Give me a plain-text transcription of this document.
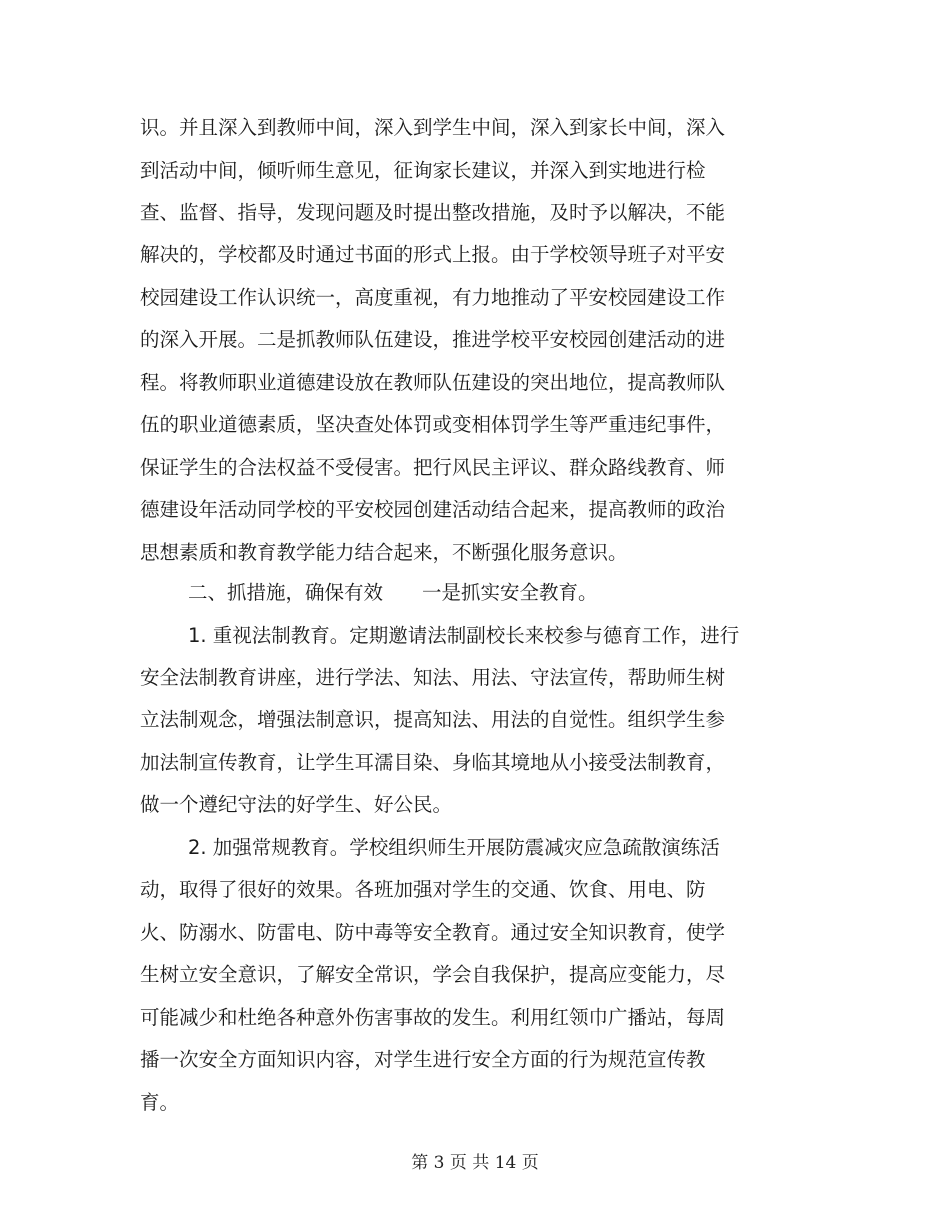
识。并且深入到教师中间，深入到学生中间，深入到家长中间，深入
到活动中间，倾听师生意见，征询家长建议，并深入到实地进行检
查、监督、指导，发现问题及时提出整改措施，及时予以解决，不能
解决的，学校都及时通过书面的形式上报。由于学校领导班子对平安
校园建设工作认识统一，高度重视，有力地推动了平安校园建设工作
的深入开展。二是抓教师队伍建设，推进学校平安校园创建活动的进
程。将教师职业道德建设放在教师队伍建设的突出地位，提高教师队
伍的职业道德素质，坚决查处体罚或变相体罚学生等严重违纪事件，
保证学生的合法权益不受侵害。把行风民主评议、群众路线教育、师
德建设年活动同学校的平安校园创建活动结合起来，提高教师的政治
思想素质和教育教学能力结合起来，不断强化服务意识。
二、抓措施，确保有效　　一是抓实安全教育。
1. 重视法制教育。定期邀请法制副校长来校参与德育工作，进行
安全法制教育讲座，进行学法、知法、用法、守法宣传，帮助师生树
立法制观念，增强法制意识，提高知法、用法的自觉性。组织学生参
加法制宣传教育，让学生耳濡目染、身临其境地从小接受法制教育，
做一个遵纪守法的好学生、好公民。
2. 加强常规教育。学校组织师生开展防震减灾应急疏散演练活
动，取得了很好的效果。各班加强对学生的交通、饮食、用电、防
火、防溺水、防雷电、防中毒等安全教育。通过安全知识教育，使学
生树立安全意识，了解安全常识，学会自我保护，提高应变能力，尽
可能减少和杜绝各种意外伤害事故的发生。利用红领巾广播站，每周
播一次安全方面知识内容，对学生进行安全方面的行为规范宣传教
育。
第 3 页 共 14 页
